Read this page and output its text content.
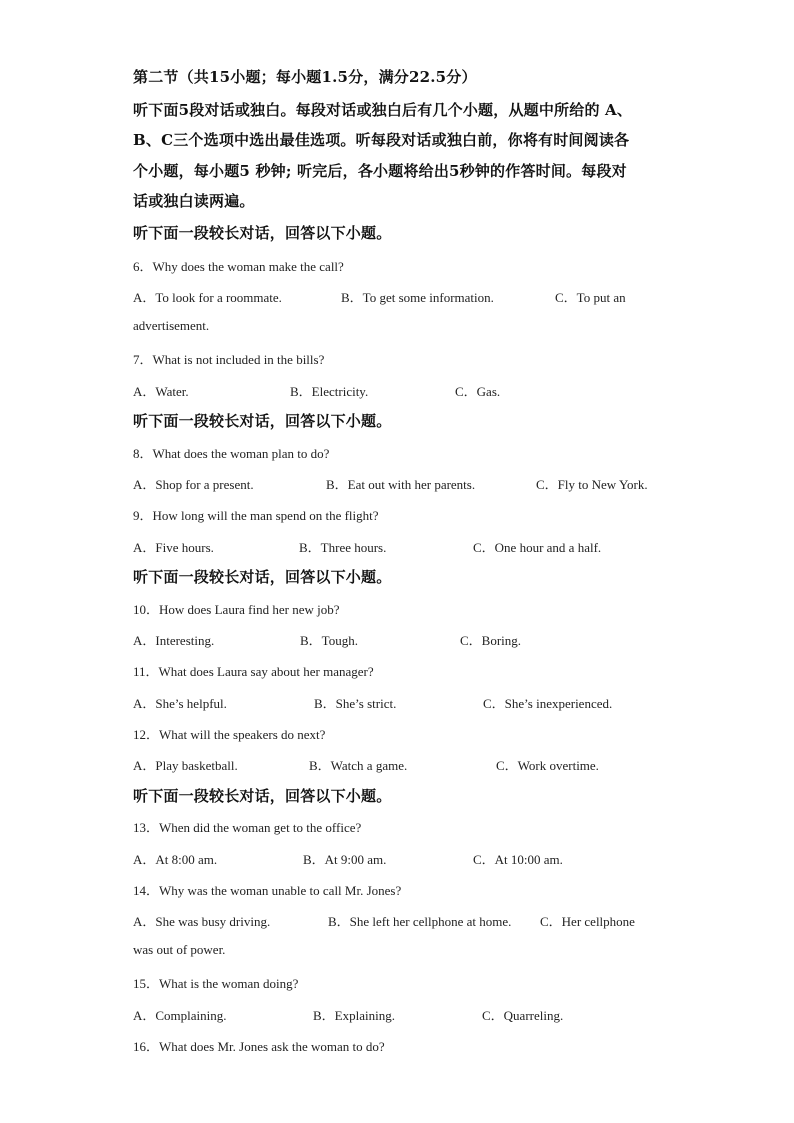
第二节（共15小题；每小题1.5分，满分22.5分）
听下面5段对话或独白。每段对话或独白后有几个小题，从题中所给的 A、
B、C三个选项中选出最佳选项。听每段对话或独白前，你将有时间阅读各
个小题，每小题5 秒钟; 听完后，各小题将给出5秒钟的作答时间。每段对
话或独白读两遍。
听下面一段较长对话，回答以下小题。
6．Why does the woman make the call?
A．To look for a roommate.	B．To get some information.	C．To put an
advertisement.
7．What is not included in the bills?
A．Water.	B．Electricity.	C．Gas.
听下面一段较长对话，回答以下小题。
8．What does the woman plan to do?
A．Shop for a present.	B．Eat out with her parents.	C．Fly to New York.
9．How long will the man spend on the flight?
A．Five hours.	B．Three hours.	C．One hour and a half.
听下面一段较长对话，回答以下小题。
10．How does Laura find her new job?
A．Interesting.	B．Tough.	C．Boring.
11．What does Laura say about her manager?
A．She’s helpful.	B．She’s strict.	C．She’s inexperienced.
12．What will the speakers do next?
A．Play basketball.	B．Watch a game.	C．Work overtime.
听下面一段较长对话，回答以下小题。
13．When did the woman get to the office?
A．At 8:00 am.	B．At 9:00 am.	C．At 10:00 am.
14．Why was the woman unable to call Mr. Jones?
A．She was busy driving.	B．She left her cellphone at home. C．Her cellphone
was out of power.
15．What is the woman doing?
A．Complaining.	B．Explaining.	C．Quarreling.
16．What does Mr. Jones ask the woman to do?
